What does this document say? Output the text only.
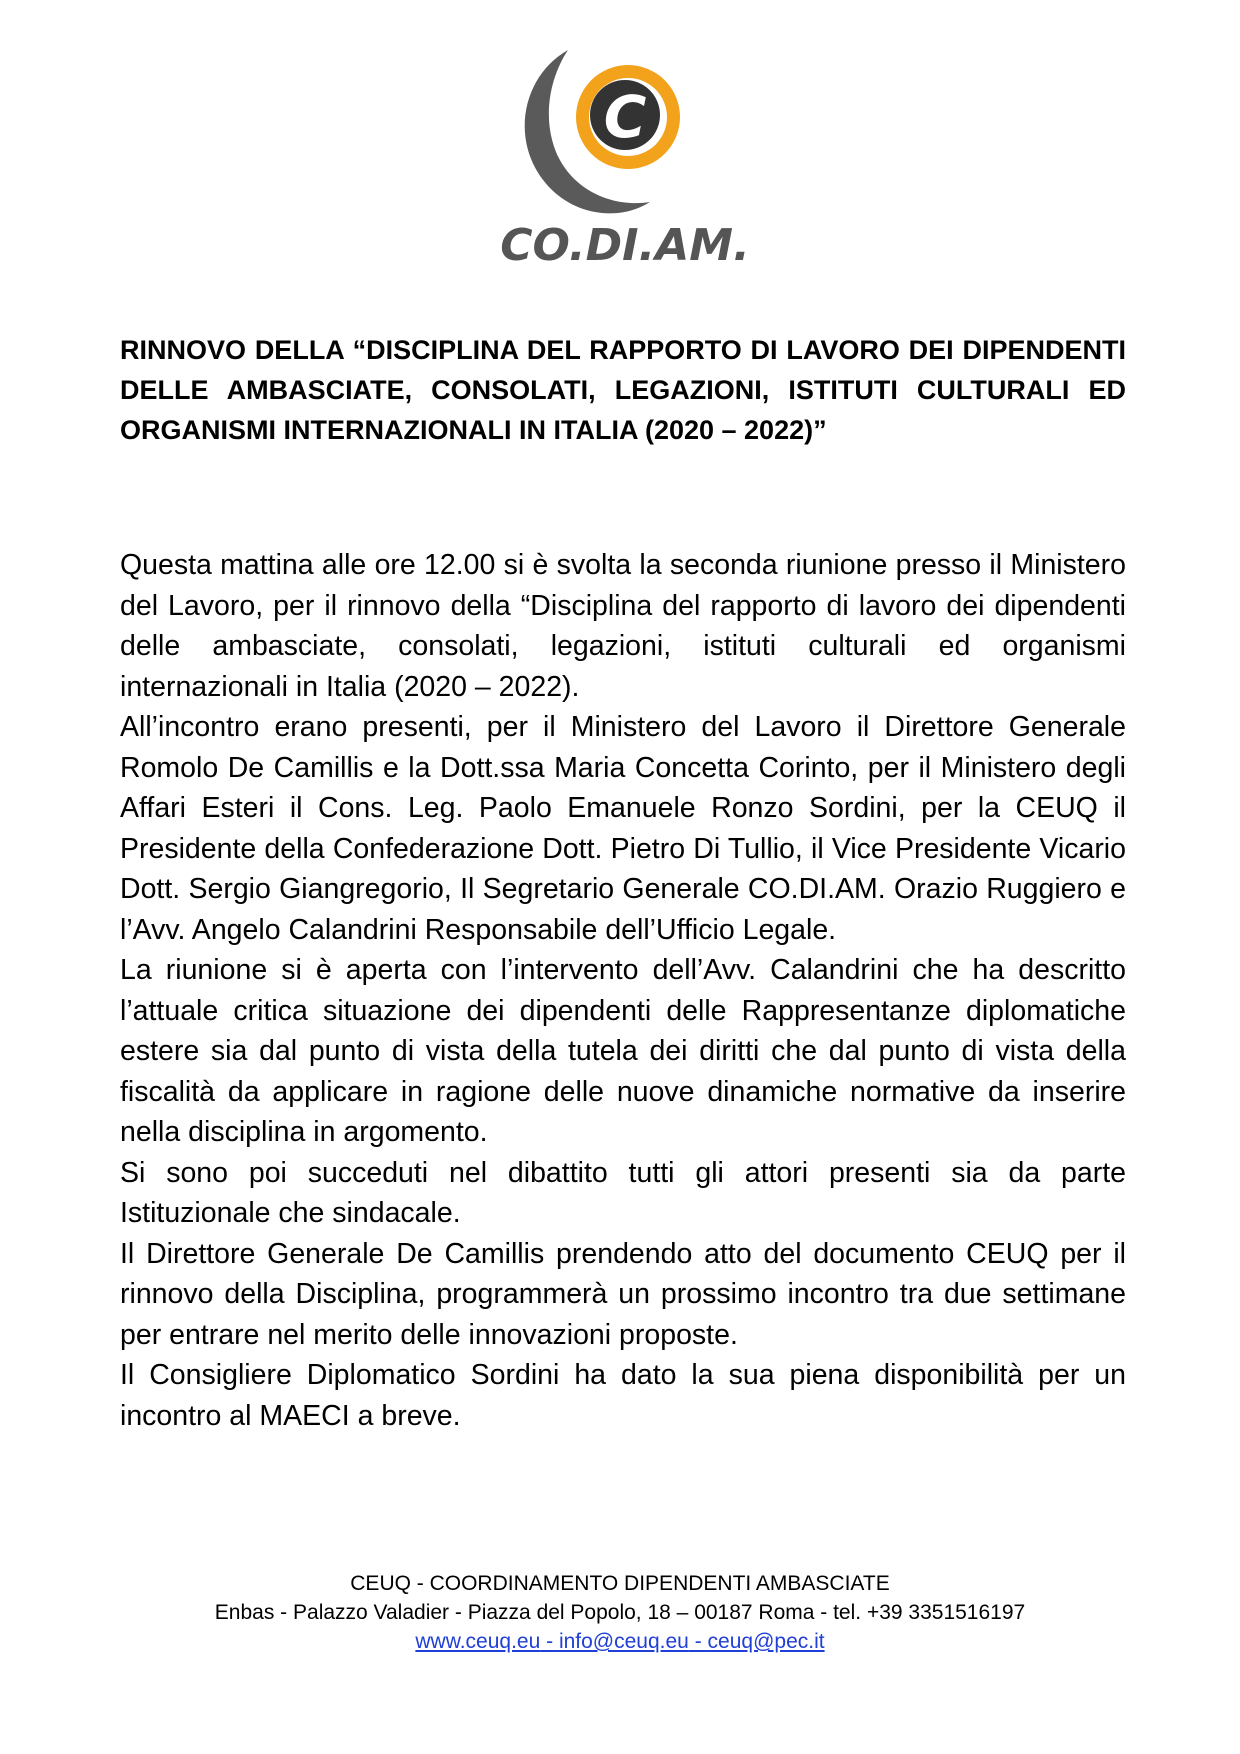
C
CO.DI.AM.
RINNOVO DELLA “DISCIPLINA DEL RAPPORTO DI LAVORO DEI DIPENDENTI DELLE AMBASCIATE, CONSOLATI, LEGAZIONI, ISTITUTI CULTURALI ED ORGANISMI INTERNAZIONALI IN ITALIA (2020 – 2022)”

Questa mattina alle ore 12.00 si è svolta la seconda riunione presso il Ministero del Lavoro, per il rinnovo della “Disciplina del rapporto di lavoro dei dipendenti delle ambasciate, consolati, legazioni, istituti culturali ed organismi internazionali in Italia (2020 – 2022).

All’incontro erano presenti, per il Ministero del Lavoro il Direttore Generale Romolo De Camillis e la Dott.ssa Maria Concetta Corinto, per il Ministero degli Affari Esteri il Cons. Leg. Paolo Emanuele Ronzo Sordini, per la CEUQ il Presidente della Confederazione Dott. Pietro Di Tullio, il Vice Presidente Vicario Dott. Sergio Giangregorio, Il Segretario Generale CO.DI.AM. Orazio Ruggiero e l’Avv. Angelo Calandrini Responsabile dell’Ufficio Legale.

La riunione si è aperta con l’intervento dell’Avv. Calandrini che ha descritto l’attuale critica situazione dei dipendenti delle Rappresentanze diplomatiche estere sia dal punto di vista della tutela dei diritti che dal punto di vista della fiscalità da applicare in ragione delle nuove dinamiche normative da inserire nella disciplina in argomento.

Si sono poi succeduti nel dibattito tutti gli attori presenti sia da parte Istituzionale che sindacale.

Il Direttore Generale De Camillis prendendo atto del documento CEUQ per il rinnovo della Disciplina, programmerà un prossimo incontro tra due settimane per entrare nel merito delle innovazioni proposte.

Il Consigliere Diplomatico Sordini ha dato la sua piena disponibilità per un incontro al MAECI a breve.

CEUQ - COORDINAMENTO DIPENDENTI AMBASCIATE
Enbas - Palazzo Valadier - Piazza del Popolo, 18 – 00187 Roma - tel. +39 3351516197
www.ceuq.eu - info@ceuq.eu - ceuq@pec.it
